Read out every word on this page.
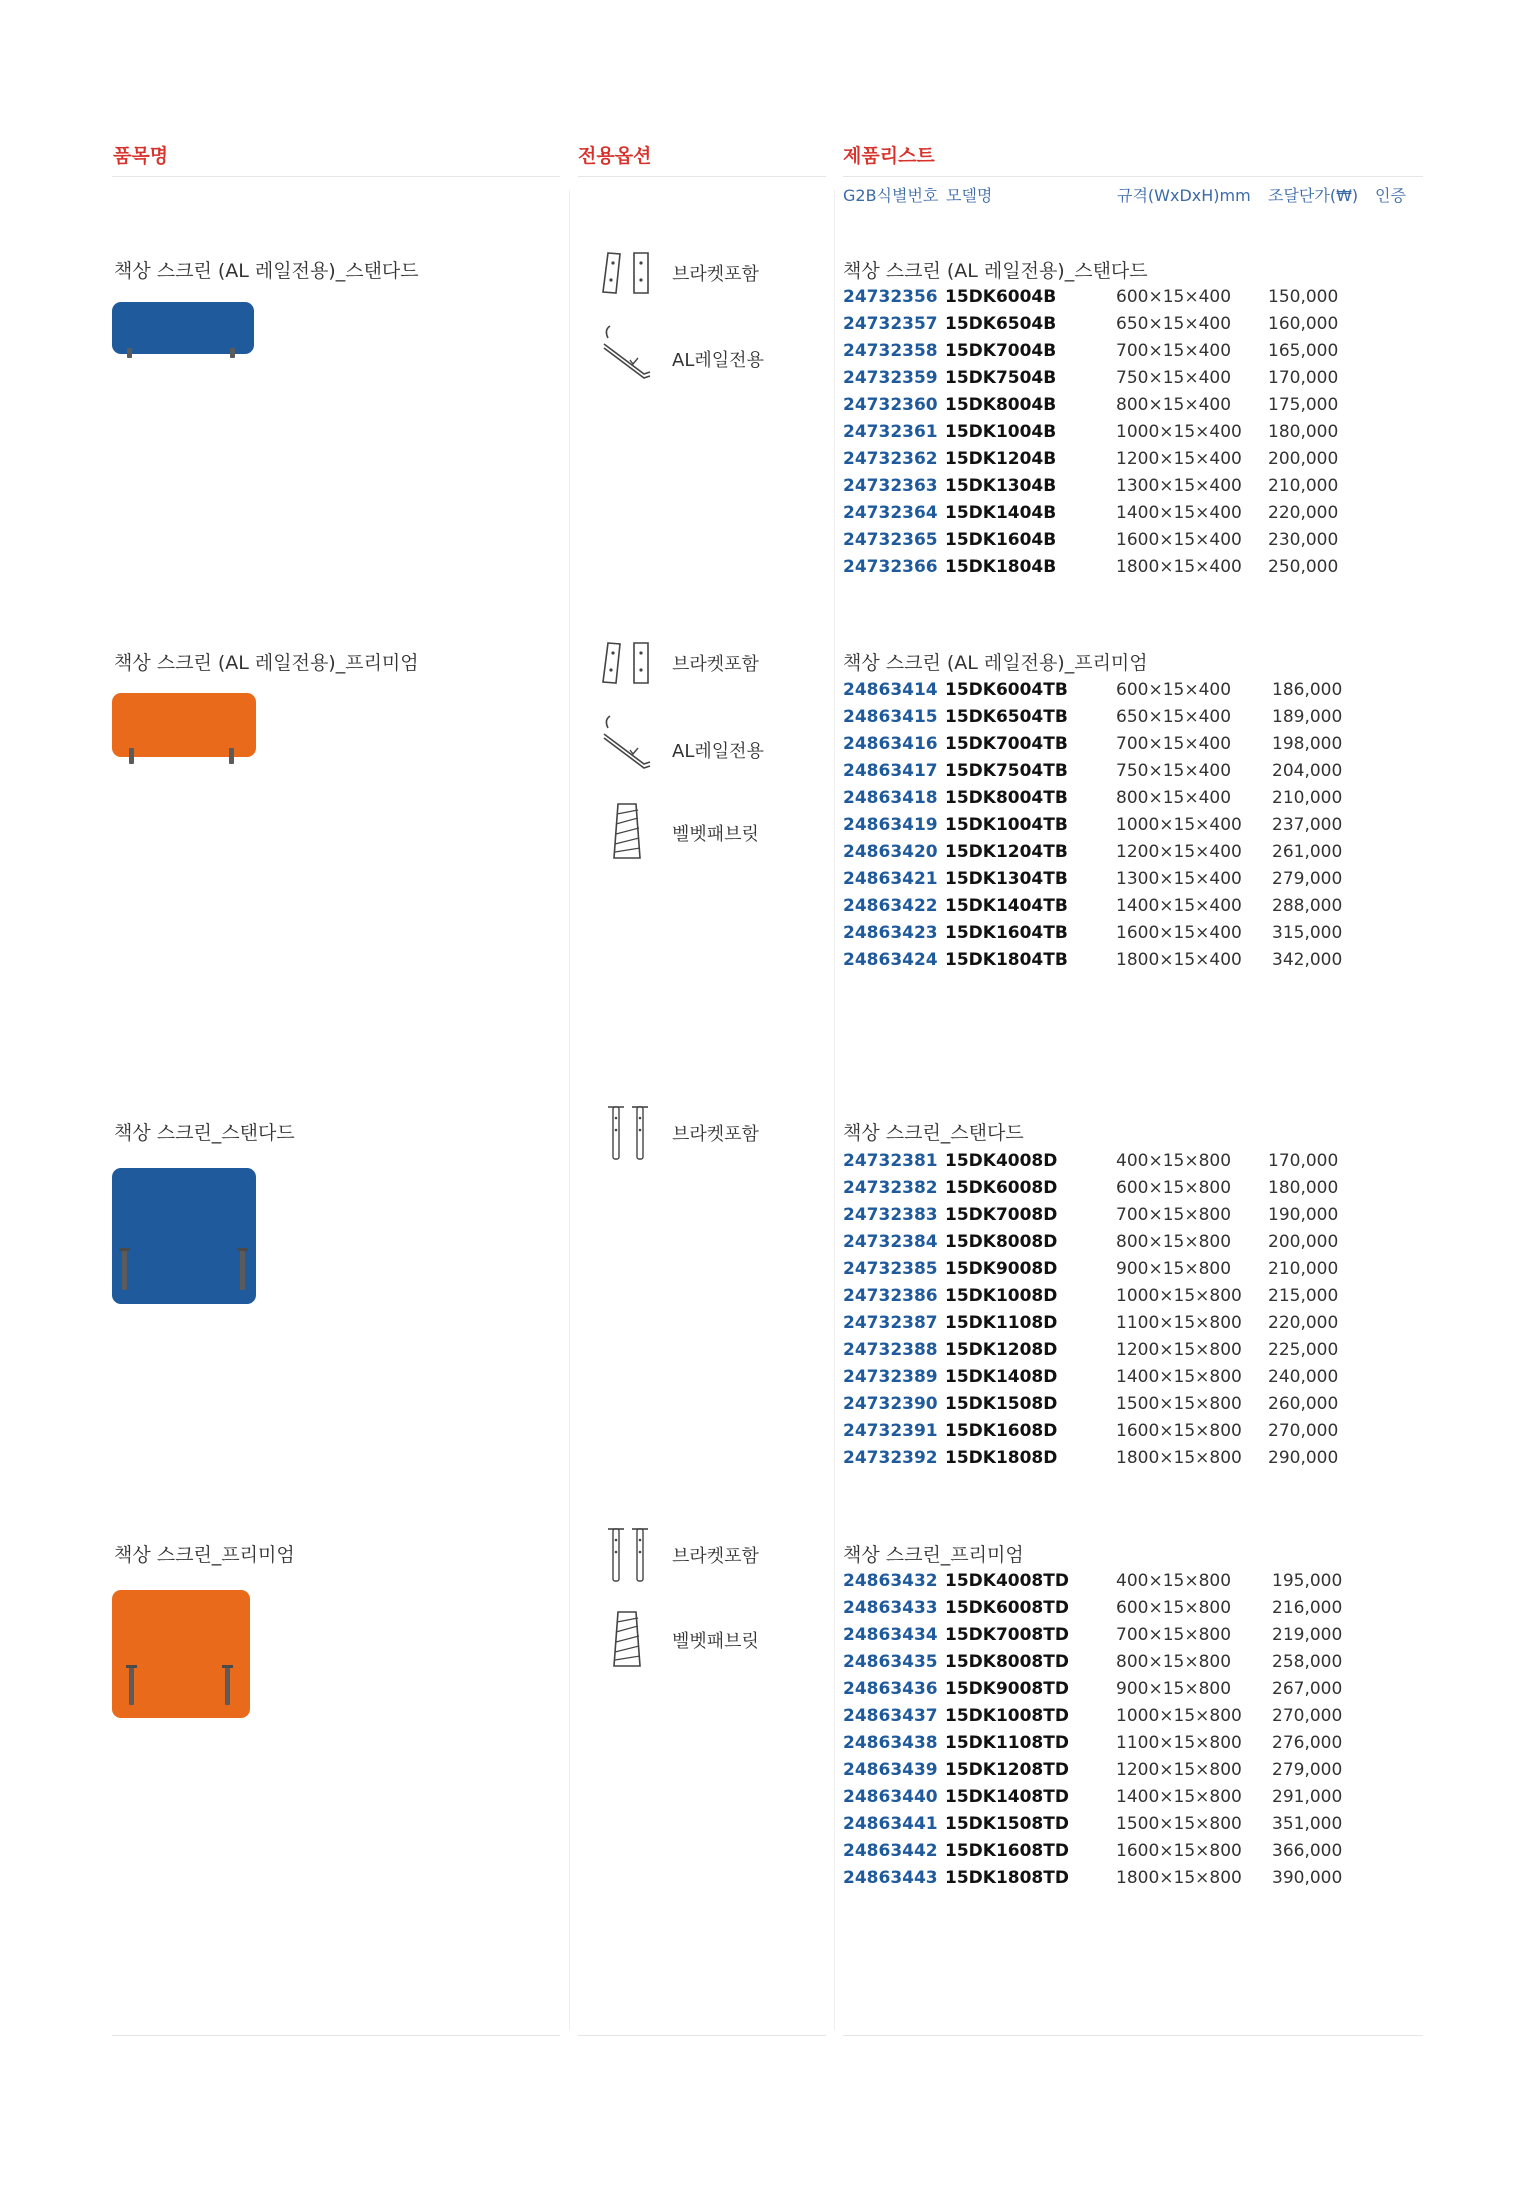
품목명	전용옵션	제품리스트
G2B식별번호 모델명	규격(WxDxH)mm 조달단가(₩) 인증
책상 스크린 (AL 레일전용)_스탠다드	브라켓포함
AL레일전용
책상 스크린 (AL 레일전용)_스탠다드
24732356 15DK6004B	600×15×400 150,000
24732357 15DK6504B	650×15×400 160,000
24732358 15DK7004B	700×15×400 165,000
24732359 15DK7504B	750×15×400 170,000
24732360 15DK8004B	800×15×400 175,000
24732361 15DK1004B	1000×15×400 180,000
24732362 15DK1204B	1200×15×400 200,000
24732363 15DK1304B	1300×15×400 210,000
24732364 15DK1404B	1400×15×400 220,000
24732365 15DK1604B	1600×15×400 230,000
24732366 15DK1804B	1800×15×400 250,000
책상 스크린 (AL 레일전용)_프리미엄	브라켓포함
AL레일전용
벨벳패브릿
책상 스크린 (AL 레일전용)_프리미엄
24863414 15DK6004TB	600×15×400 186,000
24863415 15DK6504TB	650×15×400 189,000
24863416 15DK7004TB	700×15×400 198,000
24863417 15DK7504TB	750×15×400 204,000
24863418 15DK8004TB	800×15×400 210,000
24863419 15DK1004TB	1000×15×400 237,000
24863420 15DK1204TB	1200×15×400 261,000
24863421 15DK1304TB	1300×15×400 279,000
24863422 15DK1404TB	1400×15×400 288,000
24863423 15DK1604TB	1600×15×400 315,000
24863424 15DK1804TB	1800×15×400 342,000
책상 스크린_스탠다드	브라켓포함	책상 스크린_스탠다드
24732381 15DK4008D	400×15×800 170,000
24732382 15DK6008D	600×15×800 180,000
24732383 15DK7008D	700×15×800 190,000
24732384 15DK8008D	800×15×800 200,000
24732385 15DK9008D	900×15×800 210,000
24732386 15DK1008D	1000×15×800 215,000
24732387 15DK1108D	1100×15×800 220,000
24732388 15DK1208D	1200×15×800 225,000
24732389 15DK1408D	1400×15×800 240,000
24732390 15DK1508D	1500×15×800 260,000
24732391 15DK1608D	1600×15×800 270,000
24732392 15DK1808D	1800×15×800 290,000
책상 스크린_프리미엄	브라켓포함
벨벳패브릿
책상 스크린_프리미엄
24863432 15DK4008TD	400×15×800 195,000
24863433 15DK6008TD	600×15×800 216,000
24863434 15DK7008TD	700×15×800 219,000
24863435 15DK8008TD	800×15×800 258,000
24863436 15DK9008TD	900×15×800 267,000
24863437 15DK1008TD	1000×15×800 270,000
24863438 15DK1108TD	1100×15×800 276,000
24863439 15DK1208TD	1200×15×800 279,000
24863440 15DK1408TD	1400×15×800 291,000
24863441 15DK1508TD	1500×15×800 351,000
24863442 15DK1608TD	1600×15×800 366,000
24863443 15DK1808TD	1800×15×800 390,000
